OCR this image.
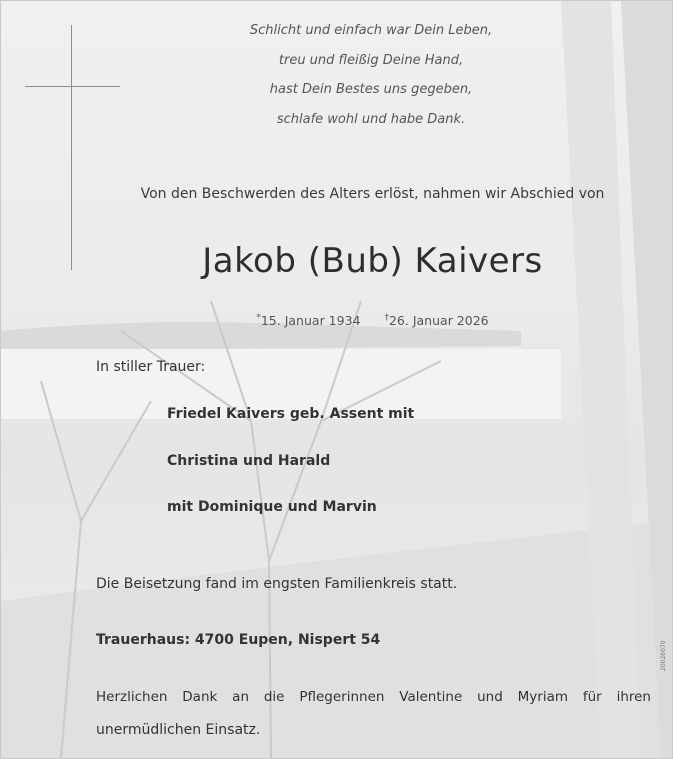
Schlicht und einfach war Dein Leben,
treu und fleißig Deine Hand,
hast Dein Bestes uns gegeben,
schlafe wohl und habe Dank.
Von den Beschwerden des Alters erlöst, nahmen wir Abschied von
Jakob (Bub) Kaivers
*15. Januar 1934	†26. Januar 2026
In stiller Trauer:
Friedel Kaivers geb. Assent mit
Christina und Harald
mit Dominique und Marvin
Die Beisetzung fand im engsten Familienkreis statt.
Trauerhaus: 4700 Eupen, Nispert 54
Herzlichen Dank an die Pflegerinnen Valentine und Myriam für ihren
unermüdlichen Einsatz.
20026070
